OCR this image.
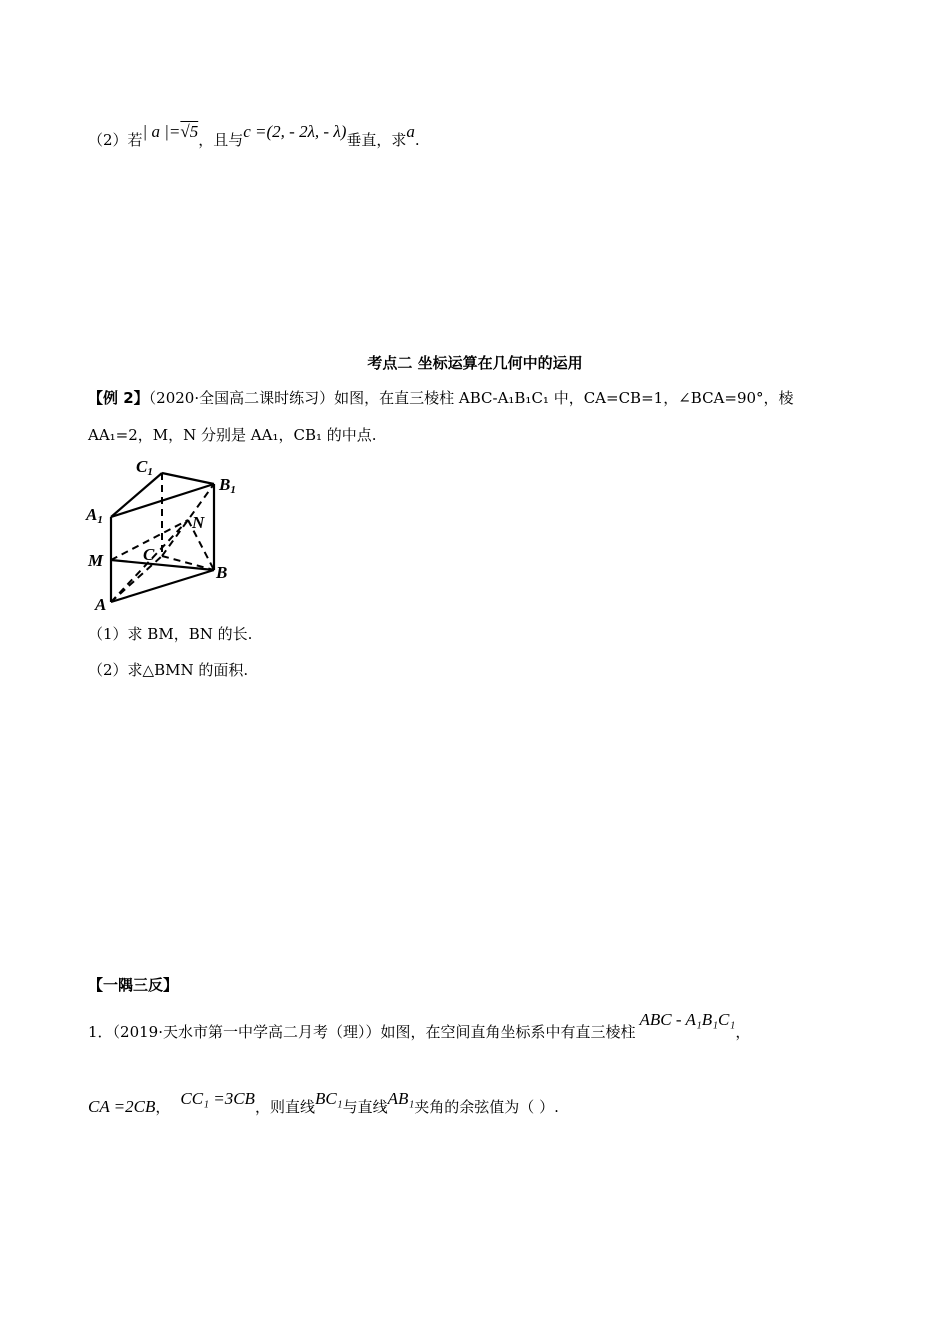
（2）若| a |=√5，且与c =(2, - 2λ, - λ)垂直，求a.
考点二 坐标运算在几何中的运用
【例 2】（2020·全国高二课时练习）如图，在直三棱柱 ABC-A₁B₁C₁ 中，CA=CB=1，∠BCA=90°，棱
AA₁=2，M，N 分别是 AA₁，CB₁ 的中点.
C1
B1
A1	N
M C
B
A
（1）求 BM，BN 的长.
（2）求△BMN 的面积.
【一隅三反】
1．（2019·天水市第一中学高二月考（理））如图，在空间直角坐标系中有直三棱柱ABC - A₁B₁C₁，
CA =2CB， CC₁ =3CB，则直线BC₁与直线AB₁夹角的余弦值为（ ）.
